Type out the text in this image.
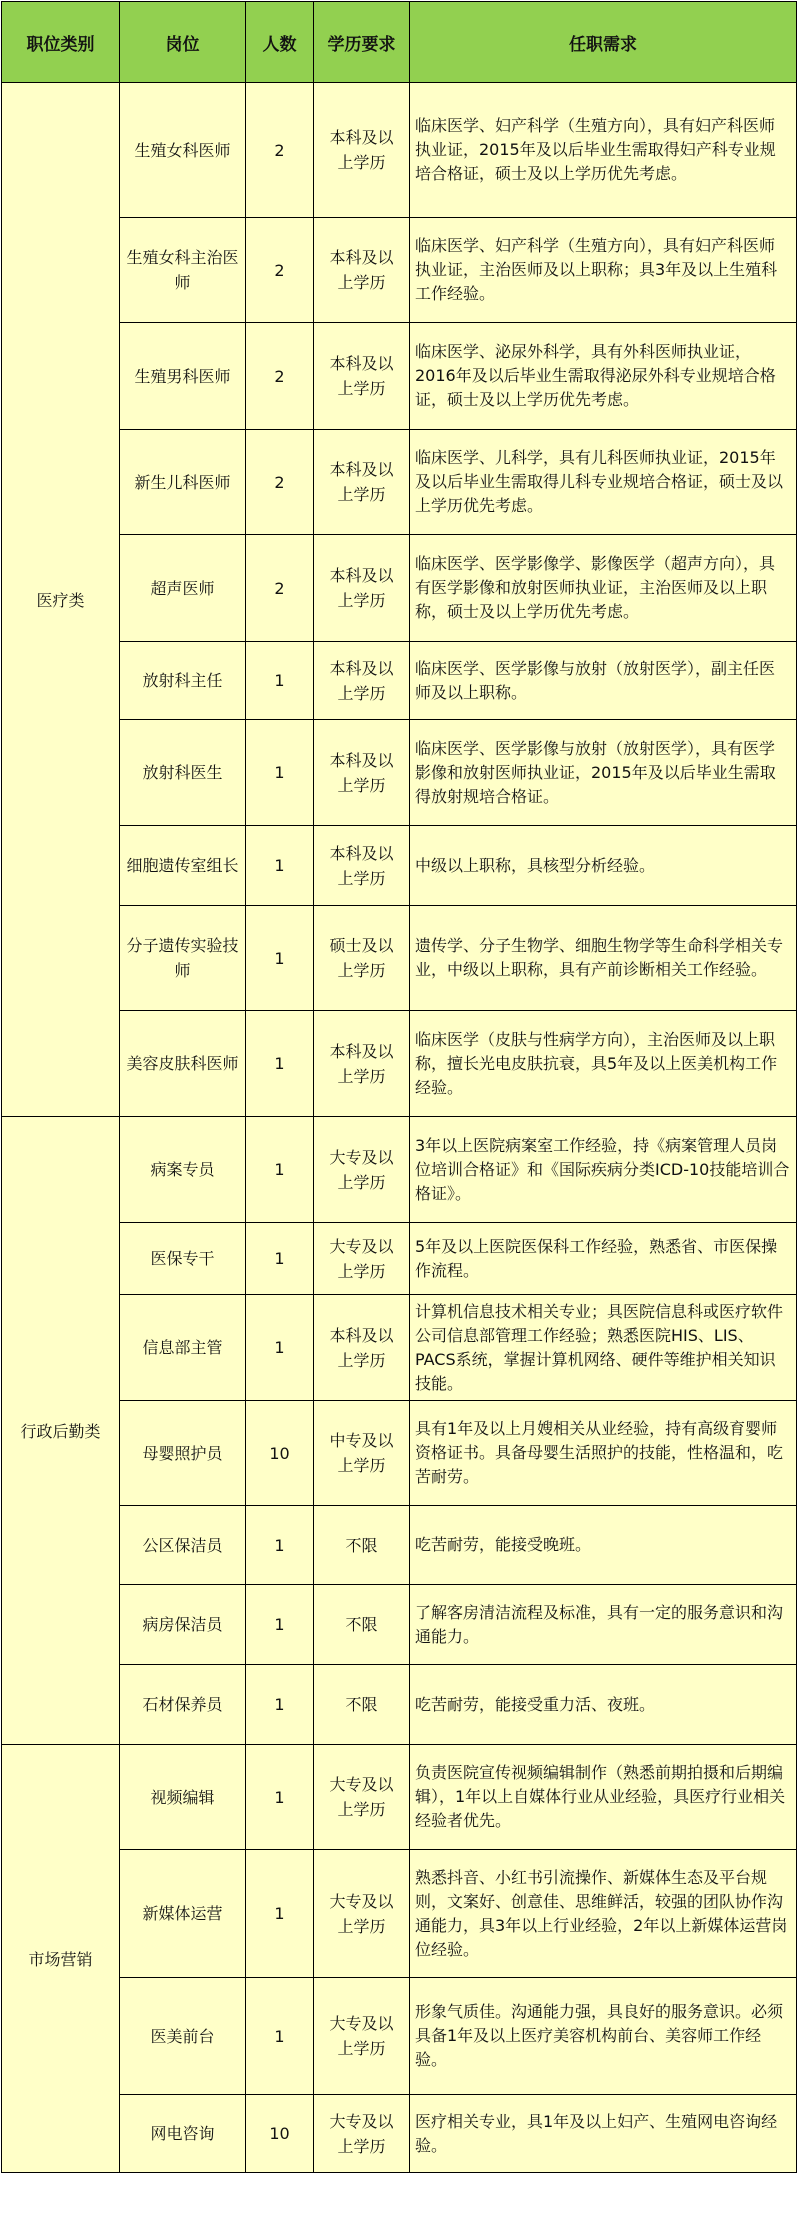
职位类别	岗位	人数	学历要求	任职需求
医疗类	生殖女科医师	2	本科及以上学历	临床医学、妇产科学（生殖方向），具有妇产科医师执业证，2015年及以后毕业生需取得妇产科专业规培合格证，硕士及以上学历优先考虑。
	生殖女科主治医师	2	本科及以上学历	临床医学、妇产科学（生殖方向），具有妇产科医师执业证，主治医师及以上职称；具3年及以上生殖科工作经验。
	生殖男科医师	2	本科及以上学历	临床医学、泌尿外科学，具有外科医师执业证，2016年及以后毕业生需取得泌尿外科专业规培合格证，硕士及以上学历优先考虑。
	新生儿科医师	2	本科及以上学历	临床医学、儿科学，具有儿科医师执业证，2015年及以后毕业生需取得儿科专业规培合格证，硕士及以上学历优先考虑。
	超声医师	2	本科及以上学历	临床医学、医学影像学、影像医学（超声方向），具有医学影像和放射医师执业证，主治医师及以上职称，硕士及以上学历优先考虑。
	放射科主任	1	本科及以上学历	临床医学、医学影像与放射（放射医学），副主任医师及以上职称。
	放射科医生	1	本科及以上学历	临床医学、医学影像与放射（放射医学），具有医学影像和放射医师执业证，2015年及以后毕业生需取得放射规培合格证。
	细胞遗传室组长	1	本科及以上学历	中级以上职称，具核型分析经验。
	分子遗传实验技师	1	硕士及以上学历	遗传学、分子生物学、细胞生物学等生命科学相关专业，中级以上职称，具有产前诊断相关工作经验。
	美容皮肤科医师	1	本科及以上学历	临床医学（皮肤与性病学方向），主治医师及以上职称，擅长光电皮肤抗衰，具5年及以上医美机构工作经验。
行政后勤类	病案专员	1	大专及以上学历	3年以上医院病案室工作经验，持《病案管理人员岗位培训合格证》和《国际疾病分类ICD-10技能培训合格证》。
	医保专干	1	大专及以上学历	5年及以上医院医保科工作经验，熟悉省、市医保操作流程。
	信息部主管	1	本科及以上学历	计算机信息技术相关专业；具医院信息科或医疗软件公司信息部管理工作经验；熟悉医院HIS、LIS、PACS系统，掌握计算机网络、硬件等维护相关知识技能。
	母婴照护员	10	中专及以上学历	具有1年及以上月嫂相关从业经验，持有高级育婴师资格证书。具备母婴生活照护的技能，性格温和，吃苦耐劳。
	公区保洁员	1	不限	吃苦耐劳，能接受晚班。
	病房保洁员	1	不限	了解客房清洁流程及标准，具有一定的服务意识和沟通能力。
	石材保养员	1	不限	吃苦耐劳，能接受重力活、夜班。
市场营销	视频编辑	1	大专及以上学历	负责医院宣传视频编辑制作（熟悉前期拍摄和后期编辑），1年以上自媒体行业从业经验，具医疗行业相关经验者优先。
	新媒体运营	1	大专及以上学历	熟悉抖音、小红书引流操作、新媒体生态及平台规则，文案好、创意佳、思维鲜活，较强的团队协作沟通能力，具3年以上行业经验，2年以上新媒体运营岗位经验。
	医美前台	1	大专及以上学历	形象气质佳。沟通能力强，具良好的服务意识。必须具备1年及以上医疗美容机构前台、美容师工作经验。
	网电咨询	10	大专及以上学历	医疗相关专业，具1年及以上妇产、生殖网电咨询经验。
